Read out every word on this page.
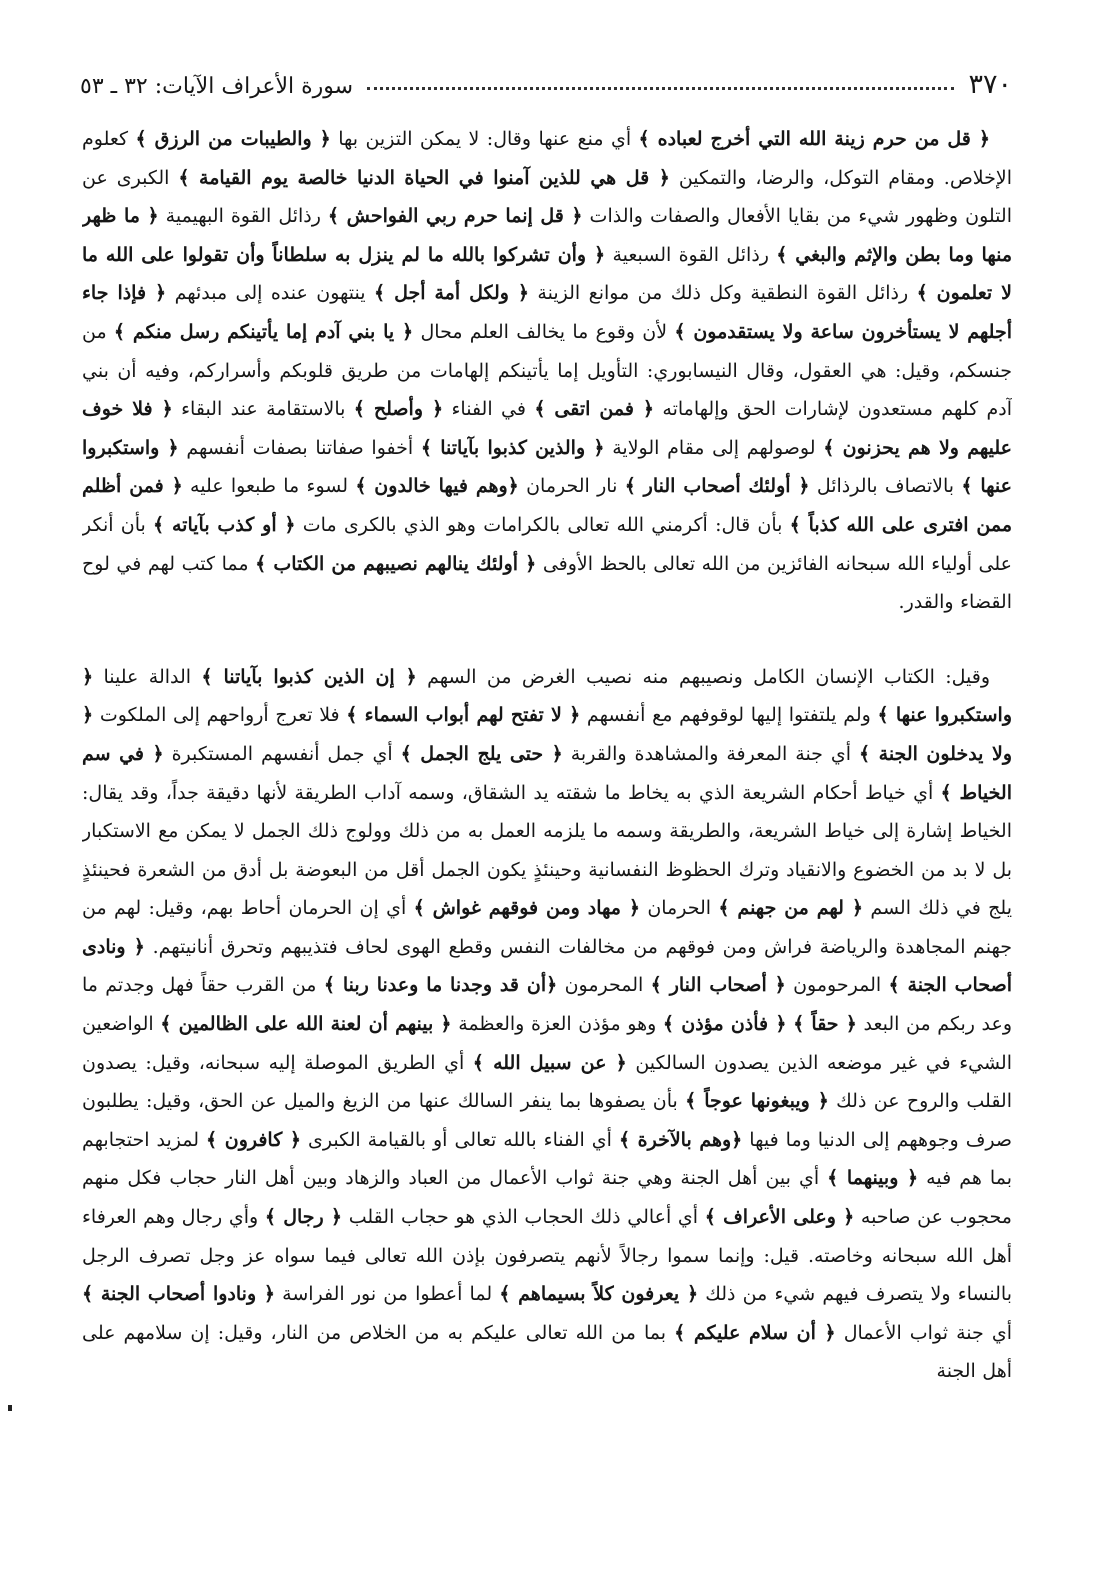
٣٧٠
سورة الأعراف الآيات: ٣٢ ـ ٥٣

﴿ قل من حرم زينة الله التي أخرج لعباده ﴾ أي منع عنها وقال: لا يمكن التزين بها ﴿ والطيبات من الرزق ﴾ كعلوم الإخلاص. ومقام التوكل، والرضا، والتمكين ﴿ قل هي للذين آمنوا في الحياة الدنيا خالصة يوم القيامة ﴾ الكبرى عن التلون وظهور شيء من بقايا الأفعال والصفات والذات ﴿ قل إنما حرم ربي الفواحش ﴾ رذائل القوة البهيمية ﴿ ما ظهر منها وما بطن والإثم والبغي ﴾ رذائل القوة السبعية ﴿ وأن تشركوا بالله ما لم ينزل به سلطاناً وأن تقولوا على الله ما لا تعلمون ﴾ رذائل القوة النطقية وكل ذلك من موانع الزينة ﴿ ولكل أمة أجل ﴾ ينتهون عنده إلى مبدئهم ﴿ فإذا جاء أجلهم لا يستأخرون ساعة ولا يستقدمون ﴾ لأن وقوع ما يخالف العلم محال ﴿ يا بني آدم إما يأتينكم رسل منكم ﴾ من جنسكم، وقيل: هي العقول، وقال النيسابوري: التأويل إما يأتينكم إلهامات من طريق قلوبكم وأسراركم، وفيه أن بني آدم كلهم مستعدون لإشارات الحق وإلهاماته ﴿ فمن اتقى ﴾ في الفناء ﴿ وأصلح ﴾ بالاستقامة عند البقاء ﴿ فلا خوف عليهم ولا هم يحزنون ﴾ لوصولهم إلى مقام الولاية ﴿ والذين كذبوا بآياتنا ﴾ أخفوا صفاتنا بصفات أنفسهم ﴿ واستكبروا عنها ﴾ بالاتصاف بالرذائل ﴿ أولئك أصحاب النار ﴾ نار الحرمان ﴿وهم فيها خالدون ﴾ لسوء ما طبعوا عليه ﴿ فمن أظلم ممن افترى على الله كذباً ﴾ بأن قال: أكرمني الله تعالى بالكرامات وهو الذي بالكرى مات ﴿ أو كذب بآياته ﴾ بأن أنكر على أولياء الله سبحانه الفائزين من الله تعالى بالحظ الأوفى ﴿ أولئك ينالهم نصيبهم من الكتاب ﴾ مما كتب لهم في لوح القضاء والقدر.

وقيل: الكتاب الإنسان الكامل ونصيبهم منه نصيب الغرض من السهم ﴿ إن الذين كذبوا بآياتنا ﴾ الدالة علينا ﴿ واستكبروا عنها ﴾ ولم يلتفتوا إليها لوقوفهم مع أنفسهم ﴿ لا تفتح لهم أبواب السماء ﴾ فلا تعرج أرواحهم إلى الملكوت ﴿ ولا يدخلون الجنة ﴾ أي جنة المعرفة والمشاهدة والقربة ﴿ حتى يلج الجمل ﴾ أي جمل أنفسهم المستكبرة ﴿ في سم الخياط ﴾ أي خياط أحكام الشريعة الذي به يخاط ما شقته يد الشقاق، وسمه آداب الطريقة لأنها دقيقة جداً، وقد يقال: الخياط إشارة إلى خياط الشريعة، والطريقة وسمه ما يلزمه العمل به من ذلك وولوج ذلك الجمل لا يمكن مع الاستكبار بل لا بد من الخضوع والانقياد وترك الحظوظ النفسانية وحينئذٍ يكون الجمل أقل من البعوضة بل أدق من الشعرة فحينئذٍ يلج في ذلك السم ﴿ لهم من جهنم ﴾ الحرمان ﴿ مهاد ومن فوقهم غواش ﴾ أي إن الحرمان أحاط بهم، وقيل: لهم من جهنم المجاهدة والرياضة فراش ومن فوقهم من مخالفات النفس وقطع الهوى لحاف فتذيبهم وتحرق أنانيتهم. ﴿ ونادى أصحاب الجنة ﴾ المرحومون ﴿ أصحاب النار ﴾ المحرمون ﴿أن قد وجدنا ما وعدنا ربنا ﴾ من القرب حقاً فهل وجدتم ما وعد ربكم من البعد ﴿ حقاً ﴾ ﴿ فأذن مؤذن ﴾ وهو مؤذن العزة والعظمة ﴿ بينهم أن لعنة الله على الظالمين ﴾ الواضعين الشيء في غير موضعه الذين يصدون السالكين ﴿ عن سبيل الله ﴾ أي الطريق الموصلة إليه سبحانه، وقيل: يصدون القلب والروح عن ذلك ﴿ ويبغونها عوجاً ﴾ بأن يصفوها بما ينفر السالك عنها من الزيغ والميل عن الحق، وقيل: يطلبون صرف وجوههم إلى الدنيا وما فيها ﴿وهم بالآخرة ﴾ أي الفناء بالله تعالى أو بالقيامة الكبرى ﴿ كافرون ﴾ لمزيد احتجابهم بما هم فيه ﴿ وبينهما ﴾ أي بين أهل الجنة وهي جنة ثواب الأعمال من العباد والزهاد وبين أهل النار حجاب فكل منهم محجوب عن صاحبه ﴿ وعلى الأعراف ﴾ أي أعالي ذلك الحجاب الذي هو حجاب القلب ﴿ رجال ﴾ وأي رجال وهم العرفاء أهل الله سبحانه وخاصته. قيل: وإنما سموا رجالاً لأنهم يتصرفون بإذن الله تعالى فيما سواه عز وجل تصرف الرجل بالنساء ولا يتصرف فيهم شيء من ذلك ﴿ يعرفون كلاً بسيماهم ﴾ لما أعطوا من نور الفراسة ﴿ ونادوا أصحاب الجنة ﴾ أي جنة ثواب الأعمال ﴿ أن سلام عليكم ﴾ بما من الله تعالى عليكم به من الخلاص من النار، وقيل: إن سلامهم على أهل الجنة
